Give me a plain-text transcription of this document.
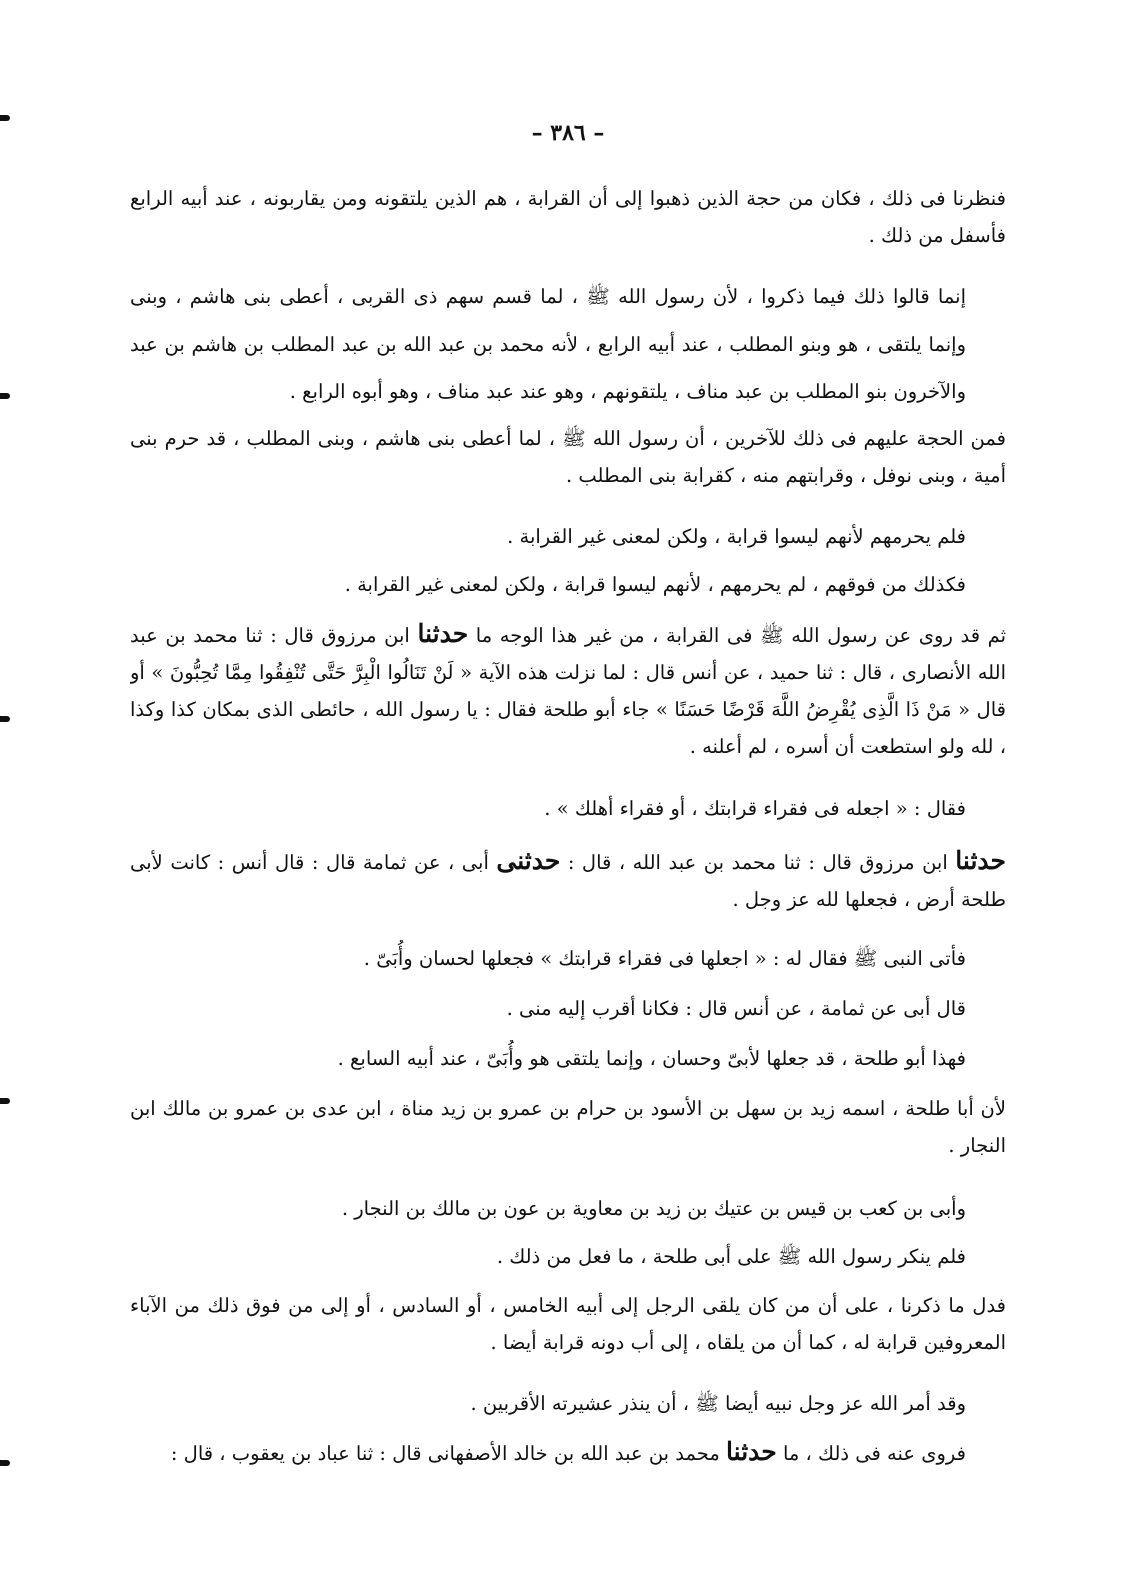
– ٣٨٦ –
فنظرنا فى ذلك ، فكان من حجة الذين ذهبوا إلى أن القرابة ، هم الذين يلتقونه ومن يقاربونه ، عند أبيه الرابع فأسفل من ذلك .
إنما قالوا ذلك فيما ذكروا ، لأن رسول الله ﷺ ، لما قسم سهم ذى القربى ، أعطى بنى هاشم ، وبنى
وإنما يلتقى ، هو وبنو المطلب ، عند أبيه الرابع ، لأنه محمد بن عبد الله بن عبد المطلب بن هاشم بن عبد
والآخرون بنو المطلب بن عبد مناف ، يلتقونهم ، وهو عند عبد مناف ، وهو أبوه الرابع .
فمن الحجة عليهم فى ذلك للآخرين ، أن رسول الله ﷺ ، لما أعطى بنى هاشم ، وبنى المطلب ، قد حرم بنى أمية ، وبنى نوفل ، وقرابتهم منه ، كقرابة بنى المطلب .
فلم يحرمهم لأنهم ليسوا قرابة ، ولكن لمعنى غير القرابة .
فكذلك من فوقهم ، لم يحرمهم ، لأنهم ليسوا قرابة ، ولكن لمعنى غير القرابة .
ثم قد روى عن رسول الله ﷺ فى القرابة ، من غير هذا الوجه ما حدثنا ابن مرزوق قال : ثنا محمد بن عبد الله الأنصارى ، قال : ثنا حميد ، عن أنس قال : لما نزلت هذه الآية « لَنْ تَنَالُوا الْبِرَّ حَتَّى تُنْفِقُوا مِمَّا تُحِبُّونَ » أو قال « مَنْ ذَا الَّذِى يُقْرِضُ اللَّهَ قَرْضًا حَسَنًا » جاء أبو طلحة فقال : يا رسول الله ، حائطى الذى بمكان كذا وكذا ، لله ولو استطعت أن أسره ، لم أعلنه .
فقال : « اجعله فى فقراء قرابتك ، أو فقراء أهلك » .
حدثنا ابن مرزوق قال : ثنا محمد بن عبد الله ، قال : حدثنى أبى ، عن ثمامة قال : قال أنس : كانت لأبى طلحة أرض ، فجعلها لله عز وجل .
فأتى النبى ﷺ فقال له : « اجعلها فى فقراء قرابتك » فجعلها لحسان وأُبَىّ .
قال أبى عن ثمامة ، عن أنس قال : فكانا أقرب إليه منى .
فهذا أبو طلحة ، قد جعلها لأبىّ وحسان ، وإنما يلتقى هو وأُبَىّ ، عند أبيه السابع .
لأن أبا طلحة ، اسمه زيد بن سهل بن الأسود بن حرام بن عمرو بن زيد مناة ، ابن عدى بن عمرو بن مالك ابن النجار .
وأبى بن كعب بن قيس بن عتيك بن زيد بن معاوية بن عون بن مالك بن النجار .
فلم ينكر رسول الله ﷺ على أبى طلحة ، ما فعل من ذلك .
فدل ما ذكرنا ، على أن من كان يلقى الرجل إلى أبيه الخامس ، أو السادس ، أو إلى من فوق ذلك من الآباء المعروفين قرابة له ، كما أن من يلقاه ، إلى أب دونه قرابة أيضا .
وقد أمر الله عز وجل نبيه أيضا ﷺ ، أن ينذر عشيرته الأقربين .
فروى عنه فى ذلك ، ما حدثنا محمد بن عبد الله بن خالد الأصفهانى قال : ثنا عباد بن يعقوب ، قال :
